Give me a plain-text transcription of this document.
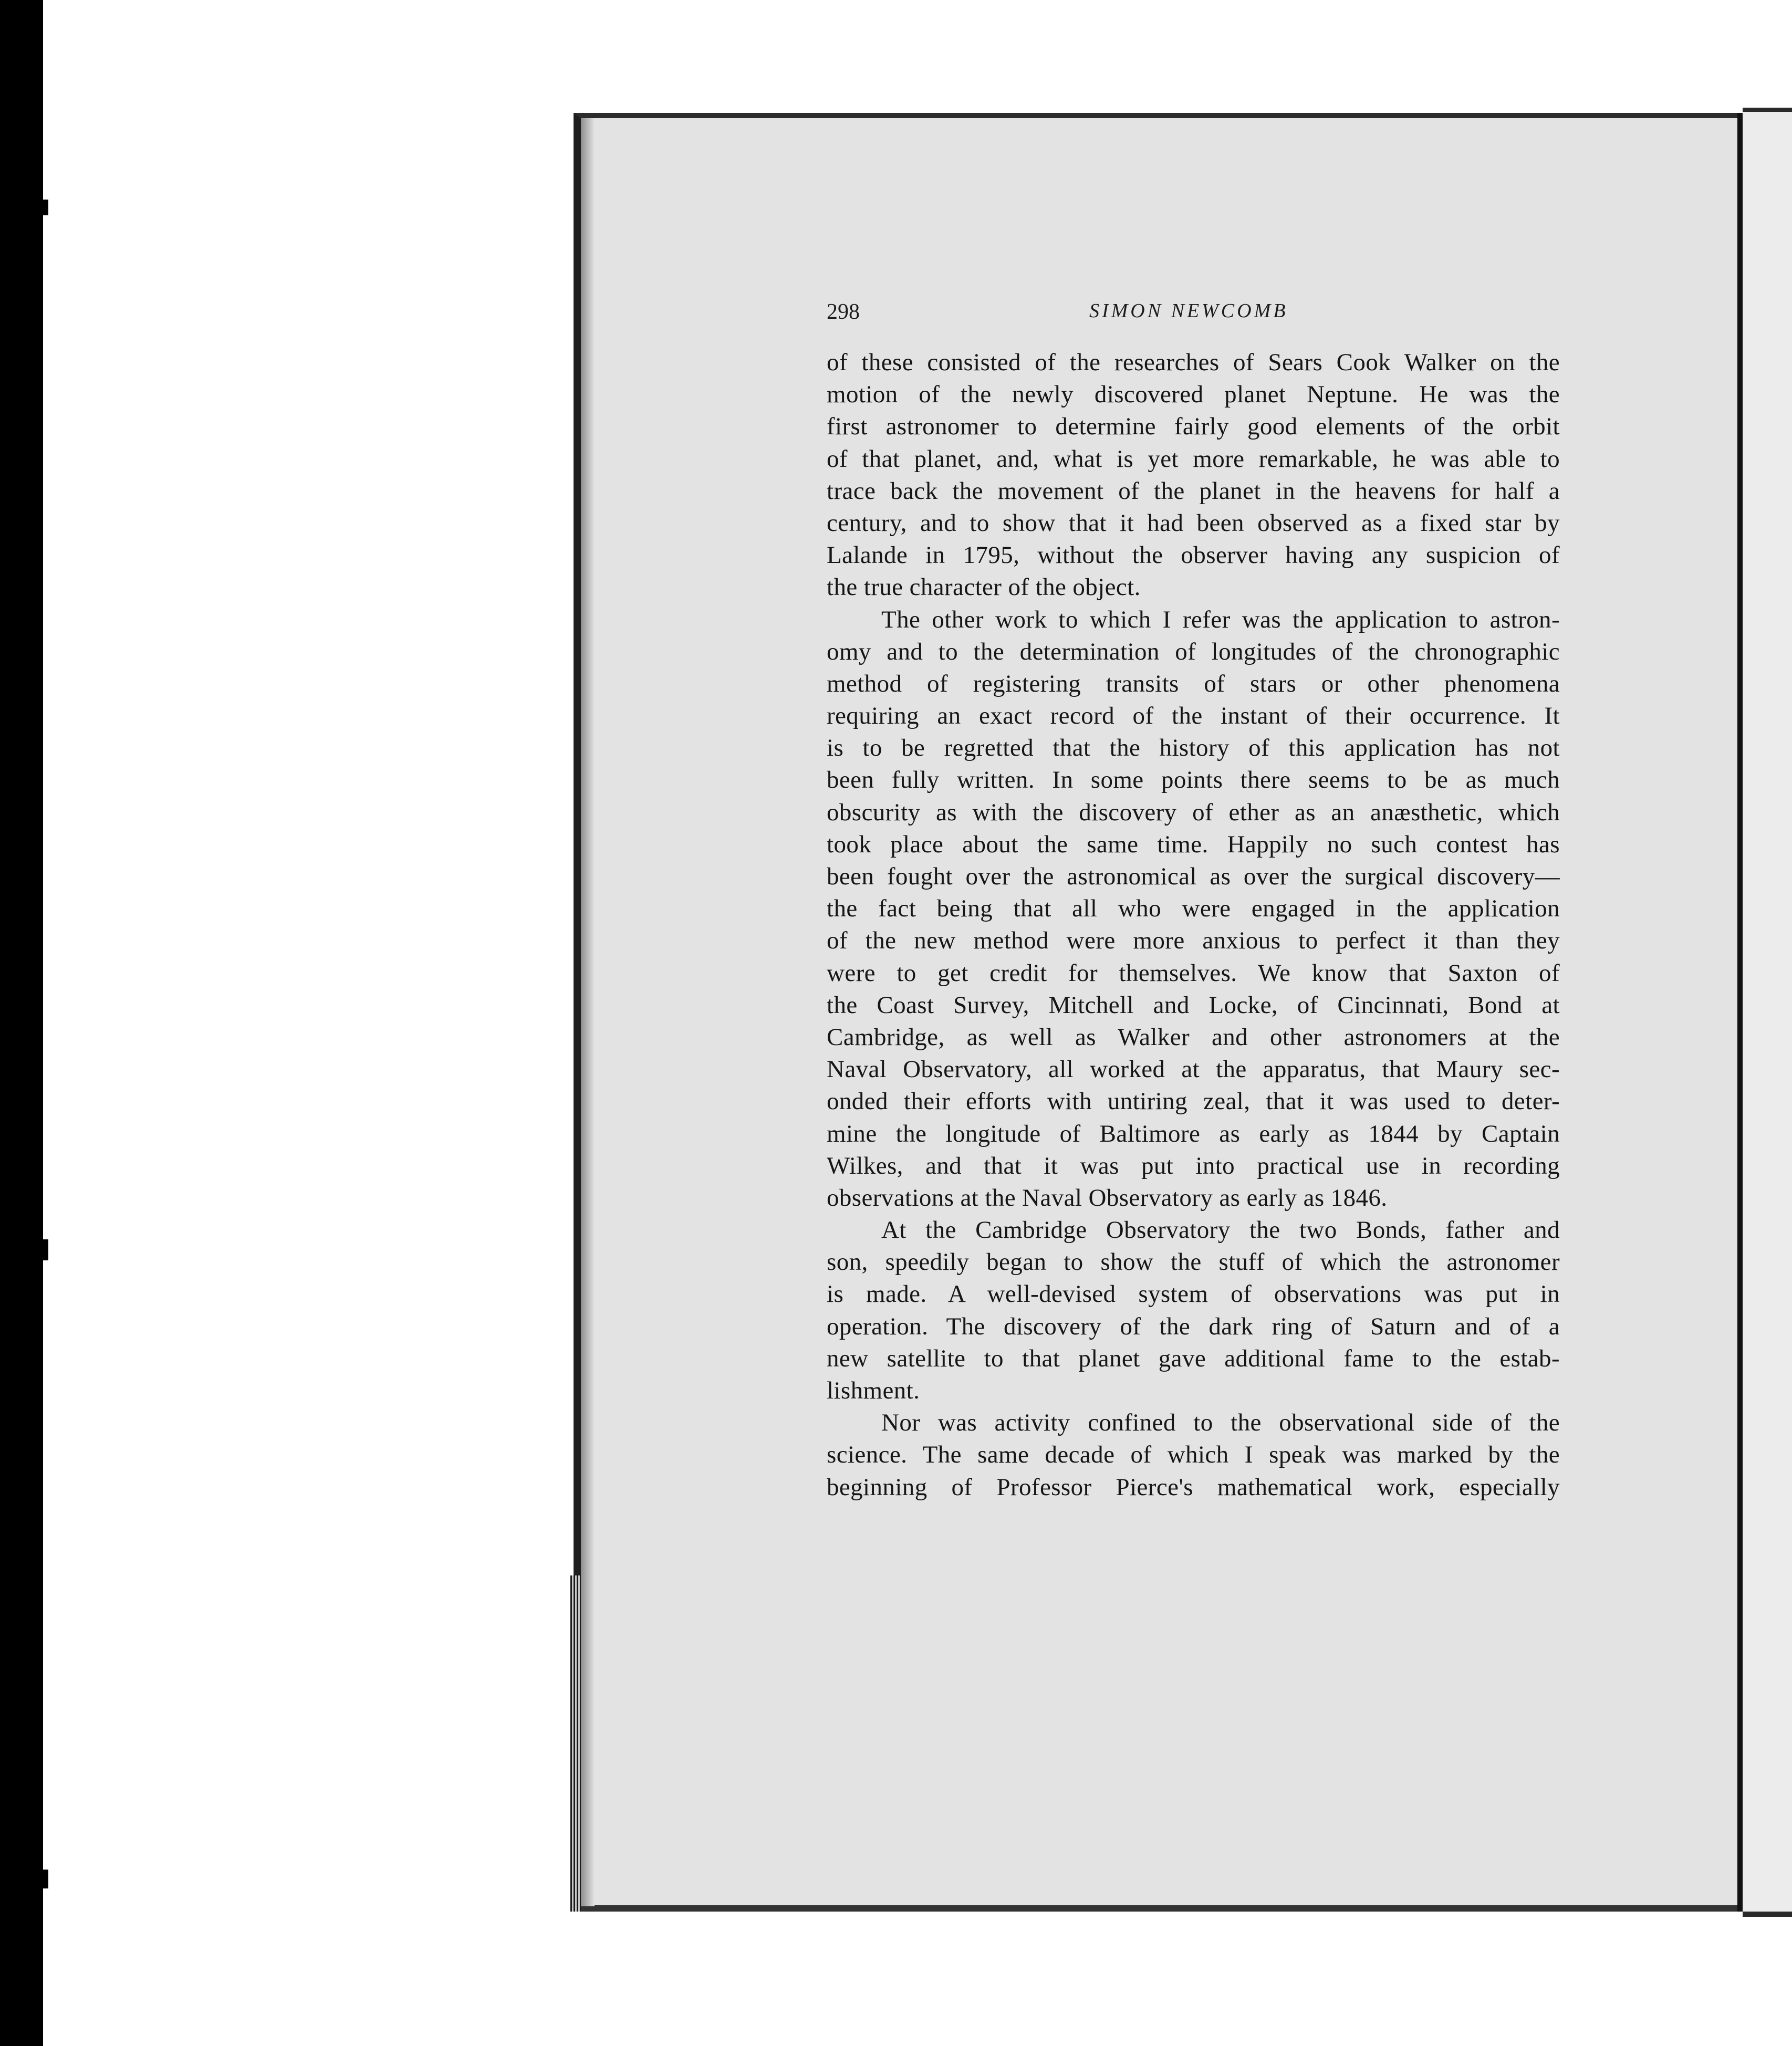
298	SIMON NEWCOMB
of these consisted of the researches of Sears Cook Walker on the
motion of the newly discovered planet Neptune. He was the
first astronomer to determine fairly good elements of the orbit
of that planet, and, what is yet more remarkable, he was able to
trace back the movement of the planet in the heavens for half a
century, and to show that it had been observed as a fixed star by
Lalande in 1795, without the observer having any suspicion of
the true character of the object.
The other work to which I refer was the application to astron-
omy and to the determination of longitudes of the chronographic
method of registering transits of stars or other phenomena
requiring an exact record of the instant of their occurrence. It
is to be regretted that the history of this application has not
been fully written. In some points there seems to be as much
obscurity as with the discovery of ether as an anæsthetic, which
took place about the same time. Happily no such contest has
been fought over the astronomical as over the surgical discovery—
the fact being that all who were engaged in the application
of the new method were more anxious to perfect it than they
were to get credit for themselves. We know that Saxton of
the Coast Survey, Mitchell and Locke, of Cincinnati, Bond at
Cambridge, as well as Walker and other astronomers at the
Naval Observatory, all worked at the apparatus, that Maury sec-
onded their efforts with untiring zeal, that it was used to deter-
mine the longitude of Baltimore as early as 1844 by Captain
Wilkes, and that it was put into practical use in recording
observations at the Naval Observatory as early as 1846.
At the Cambridge Observatory the two Bonds, father and
son, speedily began to show the stuff of which the astronomer
is made. A well-devised system of observations was put in
operation. The discovery of the dark ring of Saturn and of a
new satellite to that planet gave additional fame to the estab-
lishment.
Nor was activity confined to the observational side of the
science. The same decade of which I speak was marked by the
beginning of Professor Pierce's mathematical work, especially
